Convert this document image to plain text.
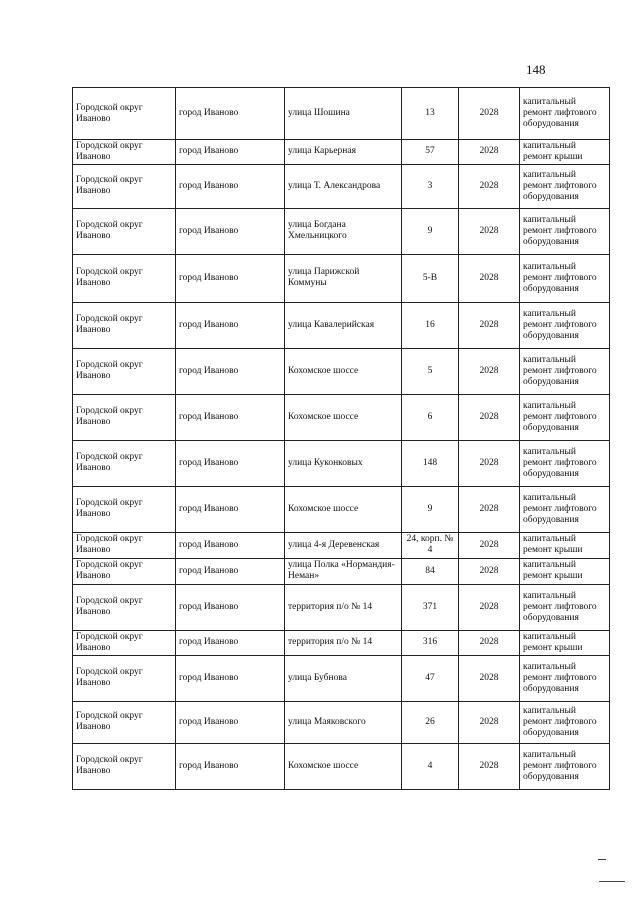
148
Городской округ Иваново	город Иваново	улица Шошина	13	2028	капитальный ремонт лифтового оборудования
Городской округ Иваново	город Иваново	улица Карьерная	57	2028	капитальный ремонт крыши
Городской округ Иваново	город Иваново	улица Т. Александрова	3	2028	капитальный ремонт лифтового оборудования
Городской округ Иваново	город Иваново	улица Богдана Хмельницкого	9	2028	капитальный ремонт лифтового оборудования
Городской округ Иваново	город Иваново	улица Парижской Коммуны	5-В	2028	капитальный ремонт лифтового оборудования
Городской округ Иваново	город Иваново	улица Кавалерийская	16	2028	капитальный ремонт лифтового оборудования
Городской округ Иваново	город Иваново	Кохомское шоссе	5	2028	капитальный ремонт лифтового оборудования
Городской округ Иваново	город Иваново	Кохомское шоссе	6	2028	капитальный ремонт лифтового оборудования
Городской округ Иваново	город Иваново	улица Куконковых	148	2028	капитальный ремонт лифтового оборудования
Городской округ Иваново	город Иваново	Кохомское шоссе	9	2028	капитальный ремонт лифтового оборудования
Городской округ Иваново	город Иваново	улица 4-я Деревенская	24, корп. № 4	2028	капитальный ремонт крыши
Городской округ Иваново	город Иваново	улица Полка «Нормандия-Неман»	84	2028	капитальный ремонт крыши
Городской округ Иваново	город Иваново	территория п/о № 14	371	2028	капитальный ремонт лифтового оборудования
Городской округ Иваново	город Иваново	территория п/о № 14	316	2028	капитальный ремонт крыши
Городской округ Иваново	город Иваново	улица Бубнова	47	2028	капитальный ремонт лифтового оборудования
Городской округ Иваново	город Иваново	улица Маяковского	26	2028	капитальный ремонт лифтового оборудования
Городской округ Иваново	город Иваново	Кохомское шоссе	4	2028	капитальный ремонт лифтового оборудования
